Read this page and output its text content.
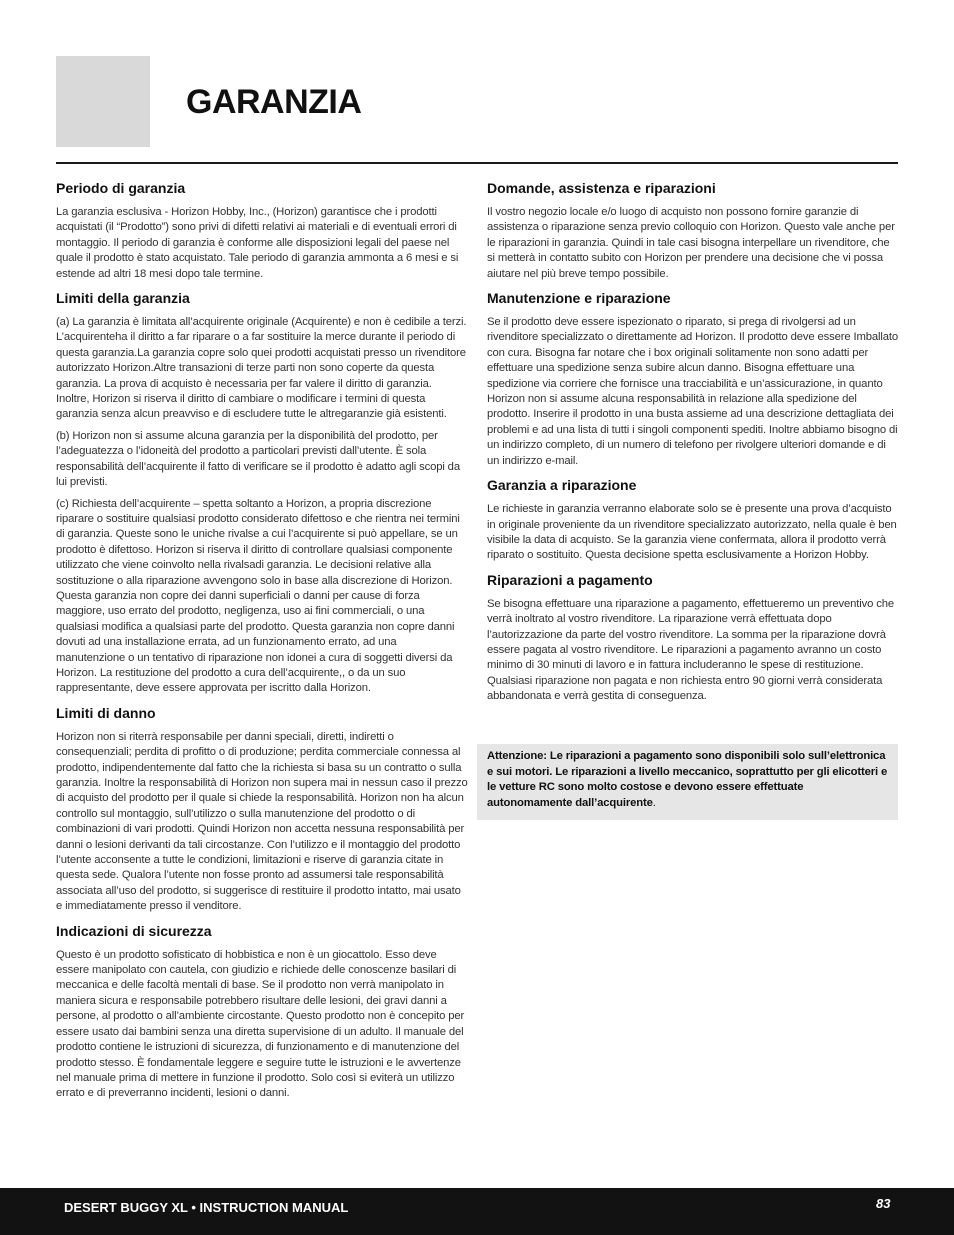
GARANZIA
Periodo di garanzia

La garanzia esclusiva - Horizon Hobby, Inc., (Horizon) garantisce che i prodotti acquistati (il “Prodotto”) sono privi di difetti relativi ai materiali e di eventuali errori di montaggio. Il periodo di garanzia è conforme alle disposizioni legali del paese nel quale il prodotto è stato acquistato. Tale periodo di garanzia ammonta a 6 mesi e si estende ad altri 18 mesi dopo tale termine.

Limiti della garanzia

(a) La garanzia è limitata all’acquirente originale (Acquirente) e non è cedibile a terzi. L’acquirenteha il diritto a far riparare o a far sostituire la merce durante il periodo di questa garanzia.La garanzia copre solo quei prodotti acquistati presso un rivenditore autorizzato Horizon.Altre transazioni di terze parti non sono coperte da questa garanzia. La prova di acquisto è necessaria per far valere il diritto di garanzia. Inoltre, Horizon si riserva il diritto di cambiare o modificare i termini di questa garanzia senza alcun preavviso e di escludere tutte le altregaranzie già esistenti.

(b) Horizon non si assume alcuna garanzia per la disponibilità del prodotto, per l’adeguatezza o l’idoneità del prodotto a particolari previsti dall’utente. È sola responsabilità dell’acquirente il fatto di verificare se il prodotto è adatto agli scopi da lui previsti.

(c) Richiesta dell’acquirente – spetta soltanto a Horizon, a propria discrezione riparare o sostituire qualsiasi prodotto considerato difettoso e che rientra nei termini di garanzia. Queste sono le uniche rivalse a cui l’acquirente si può appellare, se un prodotto è difettoso. Horizon si riserva il diritto di controllare qualsiasi componente utilizzato che viene coinvolto nella rivalsadi garanzia. Le decisioni relative alla sostituzione o alla riparazione avvengono solo in base alla discrezione di Horizon. Questa garanzia non copre dei danni superficiali o danni per cause di forza maggiore, uso errato del prodotto, negligenza, uso ai fini commerciali, o una qualsiasi modifica a qualsiasi parte del prodotto. Questa garanzia non copre danni dovuti ad una installazione errata, ad un funzionamento errato, ad una manutenzione o un tentativo di riparazione non idonei a cura di soggetti diversi da Horizon. La restituzione del prodotto a cura dell’acquirente,, o da un suo rappresentante, deve essere approvata per iscritto dalla Horizon.

Limiti di danno

Horizon non si riterrà responsabile per danni speciali, diretti, indiretti o consequenziali; perdita di profitto o di produzione; perdita commerciale connessa al prodotto, indipendentemente dal fatto che la richiesta si basa su un contratto o sulla garanzia. Inoltre la responsabilità di Horizon non supera mai in nessun caso il prezzo di acquisto del prodotto per il quale si chiede la responsabilità. Horizon non ha alcun controllo sul montaggio, sull’utilizzo o sulla manutenzione del prodotto o di combinazioni di vari prodotti. Quindi Horizon non accetta nessuna responsabilità per danni o lesioni derivanti da tali circostanze. Con l’utilizzo e il montaggio del prodotto l’utente acconsente a tutte le condizioni, limitazioni e riserve di garanzia citate in questa sede. Qualora l’utente non fosse pronto ad assumersi tale responsabilità associata all’uso del prodotto, si suggerisce di restituire il prodotto intatto, mai usato e immediatamente presso il venditore.

Indicazioni di sicurezza

Questo è un prodotto sofisticato di hobbistica e non è un giocattolo. Esso deve essere manipolato con cautela, con giudizio e richiede delle conoscenze basilari di meccanica e delle facoltà mentali di base. Se il prodotto non verrà manipolato in maniera sicura e responsabile potrebbero risultare delle lesioni, dei gravi danni a persone, al prodotto o all’ambiente circostante. Questo prodotto non è concepito per essere usato dai bambini senza una diretta supervisione di un adulto. Il manuale del prodotto contiene le istruzioni di sicurezza, di funzionamento e di manutenzione del prodotto stesso. È fondamentale leggere e seguire tutte le istruzioni e le avvertenze nel manuale prima di mettere in funzione il prodotto. Solo così si eviterà un utilizzo errato e di preverranno incidenti, lesioni o danni.

Domande, assistenza e riparazioni

Il vostro negozio locale e/o luogo di acquisto non possono fornire garanzie di assistenza o riparazione senza previo colloquio con Horizon. Questo vale anche per le riparazioni in garanzia. Quindi in tale casi bisogna interpellare un rivenditore, che si metterà in contatto subito con Horizon per prendere una decisione che vi possa aiutare nel più breve tempo possibile.

Manutenzione e riparazione

Se il prodotto deve essere ispezionato o riparato, si prega di rivolgersi ad un rivenditore specializzato o direttamente ad Horizon. Il prodotto deve essere Imballato con cura. Bisogna far notare che i box originali solitamente non sono adatti per effettuare una spedizione senza subire alcun danno. Bisogna effettuare una spedizione via corriere che fornisce una tracciabilità e un’assicurazione, in quanto Horizon non si assume alcuna responsabilità in relazione alla spedizione del prodotto. Inserire il prodotto in una busta assieme ad una descrizione dettagliata dei problemi e ad una lista di tutti i singoli componenti spediti. Inoltre abbiamo bisogno di un indirizzo completo, di un numero di telefono per rivolgere ulteriori domande e di un indirizzo e-mail.

Garanzia a riparazione

Le richieste in garanzia verranno elaborate solo se è presente una prova d’acquisto in originale proveniente da un rivenditore specializzato autorizzato, nella quale è ben visibile la data di acquisto. Se la garanzia viene confermata, allora il prodotto verrà riparato o sostituito. Questa decisione spetta esclusivamente a Horizon Hobby.

Riparazioni a pagamento

Se bisogna effettuare una riparazione a pagamento, effettueremo un preventivo che verrà inoltrato al vostro rivenditore. La riparazione verrà effettuata dopo l’autorizzazione da parte del vostro rivenditore. La somma per la riparazione dovrà essere pagata al vostro rivenditore. Le riparazioni a pagamento avranno un costo minimo di 30 minuti di lavoro e in fattura includeranno le spese di restituzione. Qualsiasi riparazione non pagata e non richiesta entro 90 giorni verrà considerata abbandonata e verrà gestita di conseguenza.

Attenzione: Le riparazioni a pagamento sono disponibili solo sull’elettronica e sui motori. Le riparazioni a livello meccanico, soprattutto per gli elicotteri e le vetture RC sono molto costose e devono essere effettuate autonomamente dall’acquirente.

DESERT BUGGY XL • INSTRUCTION MANUAL	83
